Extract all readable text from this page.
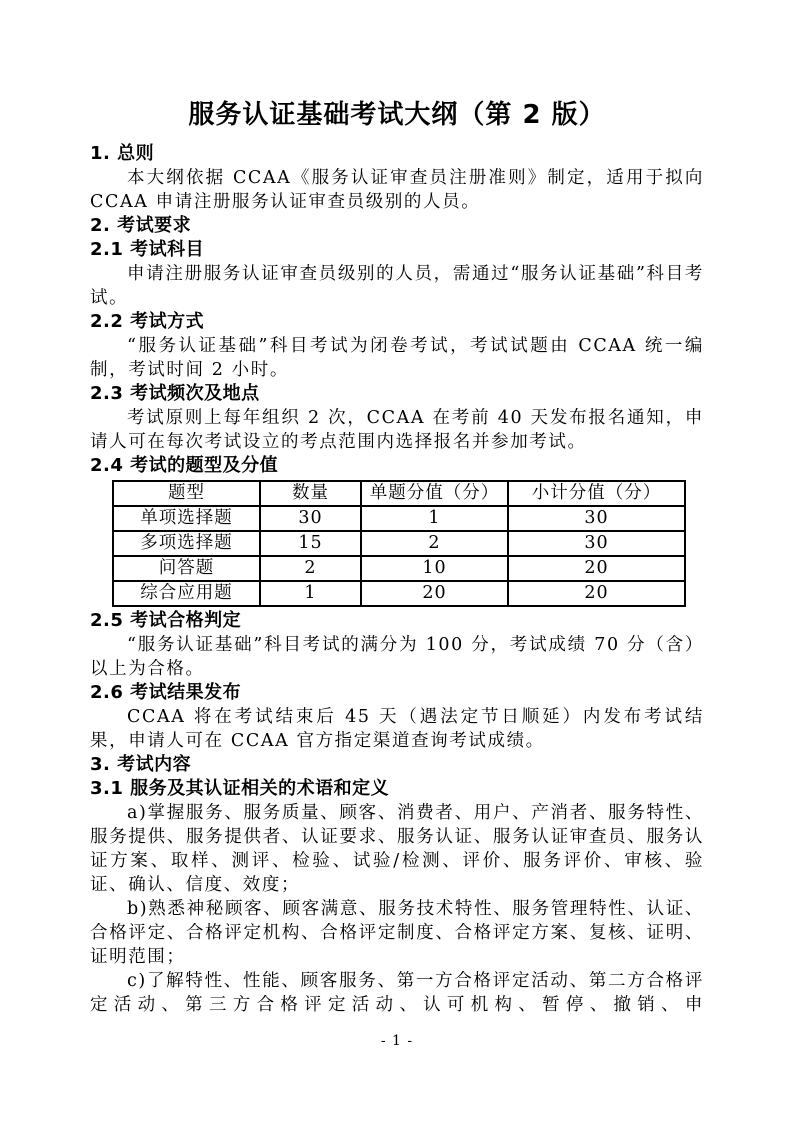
服务认证基础考试大纲（第 2 版）
1. 总则

本大纲依据 CCAA《服务认证审查员注册准则》制定，适用于拟向 CCAA 申请注册服务认证审查员级别的人员。

2. 考试要求
2.1 考试科目

申请注册服务认证审查员级别的人员，需通过“服务认证基础”科目考试。

2.2 考试方式

“服务认证基础”科目考试为闭卷考试，考试试题由 CCAA 统一编制，考试时间 2 小时。

2.3 考试频次及地点

考试原则上每年组织 2 次，CCAA 在考前 40 天发布报名通知，申请人可在每次考试设立的考点范围内选择报名并参加考试。

2.4 考试的题型及分值
题型	数量	单题分值（分）	小计分值（分）
单项选择题	30	1	30
多项选择题	15	2	30
问答题	2	10	20
综合应用题	1	20	20
2.5 考试合格判定

“服务认证基础”科目考试的满分为 100 分，考试成绩 70 分（含）以上为合格。

2.6 考试结果发布

CCAA 将在考试结束后 45 天（遇法定节日顺延）内发布考试结果，申请人可在 CCAA 官方指定渠道查询考试成绩。

3. 考试内容
3.1 服务及其认证相关的术语和定义

a)掌握服务、服务质量、顾客、消费者、用户、产消者、服务特性、服务提供、服务提供者、认证要求、服务认证、服务认证审查员、服务认证方案、取样、测评、检验、试验/检测、评价、服务评价、审核、验证、确认、信度、效度；

b)熟悉神秘顾客、顾客满意、服务技术特性、服务管理特性、认证、合格评定、合格评定机构、合格评定制度、合格评定方案、复核、证明、证明范围；

c)了解特性、性能、顾客服务、第一方合格评定活动、第二方合格评定活动、第三方合格评定活动、认可机构、暂停、撤销、申

- 1 -
